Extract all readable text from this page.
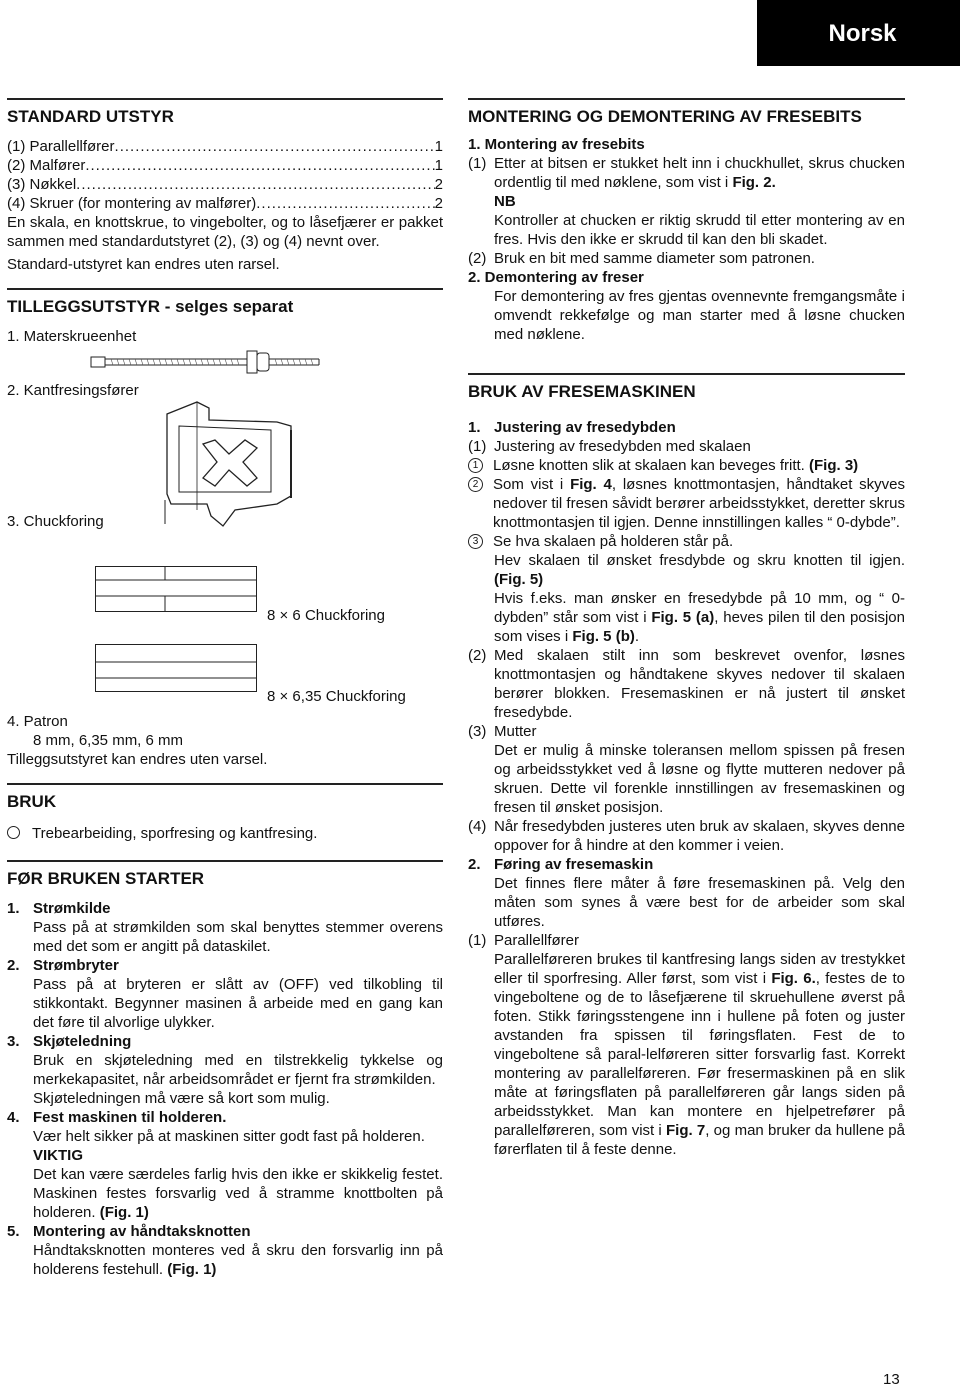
Norsk
STANDARD UTSTYR
(1) Parallellfører .....	1
(2) Malfører .....	1
(3) Nøkkel .....	2
(4) Skruer (for montering av malfører) .....	2
En skala, en knottskrue, to vingebolter, og to låsefjærer er pakket sammen med standardutstyret (2), (3) og (4) nevnt over.
Standard-utstyret kan endres uten rarsel.
TILLEGGSUTSTYR - selges separat
1. Materskrueenhet
2. Kantfresingsfører
3. Chuckforing
8 × 6 Chuckforing
8 × 6,35 Chuckforing
4. Patron
8 mm, 6,35 mm, 6 mm
Tilleggsutstyret kan endres uten varsel.
BRUK
Trebearbeiding, sporfresing og kantfresing.
FØR BRUKEN STARTER
1. Strømkilde
Pass på at strømkilden som skal benyttes stemmer overens med det som er angitt på dataskilet.
2. Strømbryter
Pass på at bryteren er slått av (OFF) ved tilkobling til stikkontakt. Begynner masinen å arbeide med en gang kan det føre til alvorlige ulykker.
3. Skjøteledning
Bruk en skjøteledning med en tilstrekkelig tykkelse og merkekapasitet, når arbeidsområdet er fjernt fra strømkilden.
Skjøteledningen må være så kort som mulig.
4. Fest maskinen til holderen.
Vær helt sikker på at maskinen sitter godt fast på holderen.
VIKTIG
Det kan være særdeles farlig hvis den ikke er skikkelig festet. Maskinen festes forsvarlig ved å stramme knottbolten på holderen. (Fig. 1)
5. Montering av håndtaksknotten
Håndtaksknotten monteres ved å skru den forsvarlig inn på holderens festehull. (Fig. 1)
MONTERING OG DEMONTERING AV FRESEBITS
1. Montering av fresebits
(1) Etter at bitsen er stukket helt inn i chuckhullet, skrus chucken ordentlig til med nøklene, som vist i Fig. 2.
NB
Kontroller at chucken er riktig skrudd til etter montering av en fres. Hvis den ikke er skrudd til kan den bli skadet.
(2) Bruk en bit med samme diameter som patronen.
2. Demontering av freser
For demontering av fres gjentas ovennevnte fremgangsmåte i omvendt rekkefølge og man starter med å løsne chucken med nøklene.
BRUK AV FRESEMASKINEN
1. Justering av fresedybden
(1) Justering av fresedybden med skalaen
1 Løsne knotten slik at skalaen kan beveges fritt. (Fig. 3)
2 Som vist i Fig. 4, løsnes knottmontasjen, håndtaket skyves nedover til fresen såvidt berører arbeidsstykket, deretter skrus knottmontasjen til igjen. Denne innstillingen kalles “ 0-dybde”.
3 Se hva skalaen på holderen står på.
Hev skalaen til ønsket fresdybde og skru knotten til igjen. (Fig. 5)
Hvis f.eks. man ønsker en fresedybde på 10 mm, og “ 0-dybden” står som vist i Fig. 5 (a), heves pilen til den posisjon som vises i Fig. 5 (b).
(2) Med skalaen stilt inn som beskrevet ovenfor, løsnes knottmontasjen og håndtakene skyves nedover til skalaen berører blokken. Fresemaskinen er nå justert til ønsket fresedybde.
(3) Mutter
Det er mulig å minske toleransen mellom spissen på fresen og arbeidsstykket ved å løsne og flytte mutteren nedover på skruen. Dette vil forenkle innstillingen av fresemaskinen og fresen til ønsket posisjon.
(4) Når fresedybden justeres uten bruk av skalaen, skyves denne oppover for å hindre at den kommer i veien.
2. Føring av fresemaskin
Det finnes flere måter å føre fresemaskinen på. Velg den måten som synes å være best for de arbeider som skal utføres.
(1) Parallellfører
Parallelføreren brukes til kantfresing langs siden av trestykket eller til sporfresing. Aller først, som vist i Fig. 6., festes de to vingeboltene og de to låsefjærene til skruehullene øverst på foten. Stikk føringsstengene inn i hullene på foten og juster avstanden fra spissen til føringsflaten. Fest de to vingeboltene så paral-lelføreren sitter forsvarlig fast. Korrekt montering av parallelføreren. Før fresermaskinen på en slik måte at føringsflaten på parallelføreren går langs siden på arbeidsstykket. Man kan montere en hjelpetrefører på parallelføreren, som vist i Fig. 7, og man bruker da hullene på førerflaten til å feste denne.
13
